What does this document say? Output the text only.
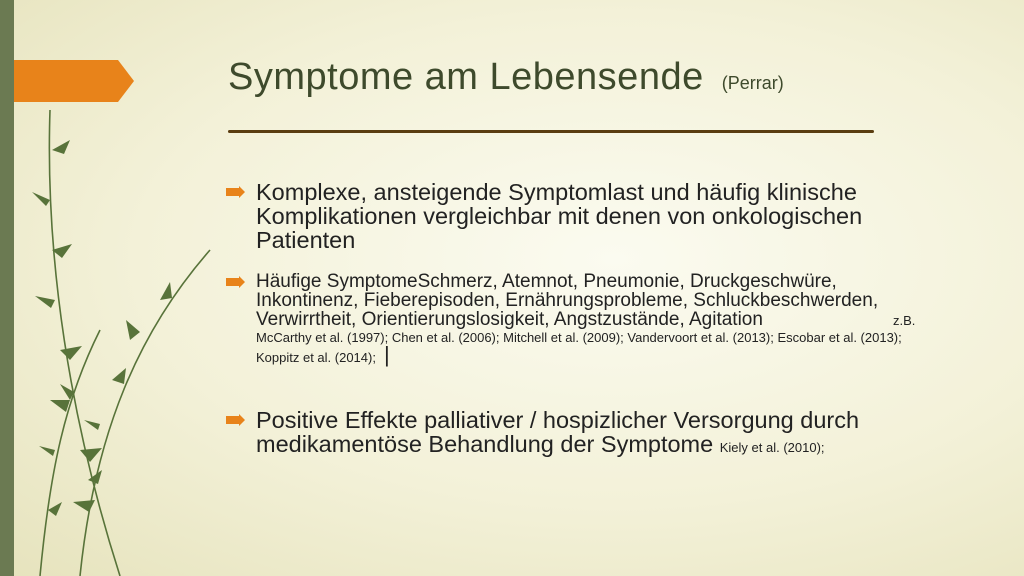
Symptome am Lebensende (Perrar)
Komplexe, ansteigende Symptomlast und häufig klinische Komplikationen vergleichbar mit denen von onkologischen Patienten
Häufige SymptomeSchmerz, Atemnot, Pneumonie, Druckgeschwüre, Inkontinenz, Fieberepisoden, Ernährungsprobleme, Schluckbeschwerden, Verwirrtheit, Orientierungslosigkeit, Angstzustände, Agitation	z.B.
McCarthy et al. (1997); Chen et al. (2006); Mitchell et al. (2009); Vandervoort et al. (2013); Escobar et al. (2013); Koppitz et al. (2014); |
Positive Effekte palliativer / hospizlicher Versorgung durch medikamentöse Behandlung der Symptome Kiely et al. (2010);
